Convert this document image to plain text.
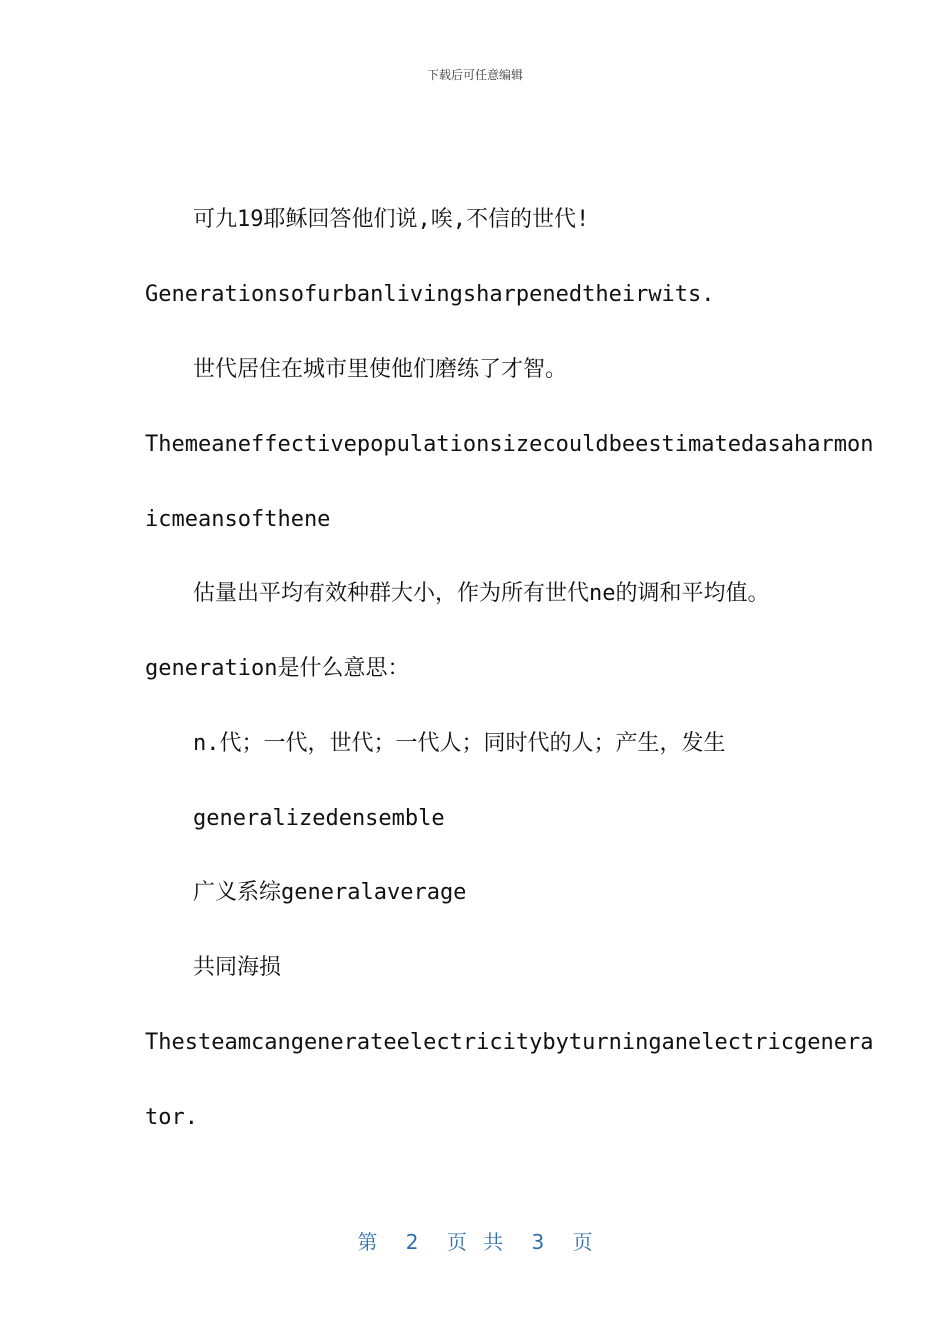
下载后可任意编辑
可九19耶稣回答他们说,唉,不信的世代!
Generationsofurbanlivingsharpenedtheirwits.
世代居住在城市里使他们磨练了才智。
Themeaneffectivepopulationsizecouldbeestimatedasaharmon
icmeansofthene
估量出平均有效种群大小，作为所有世代ne的调和平均值。
generation是什么意思：
n.代；一代，世代；一代人；同时代的人；产生，发生
generalizedensemble
广义系综generalaverage
共同海损
Thesteamcangenerateelectricitybyturninganelectricgenera
tor.
第 2 页 共 3 页
